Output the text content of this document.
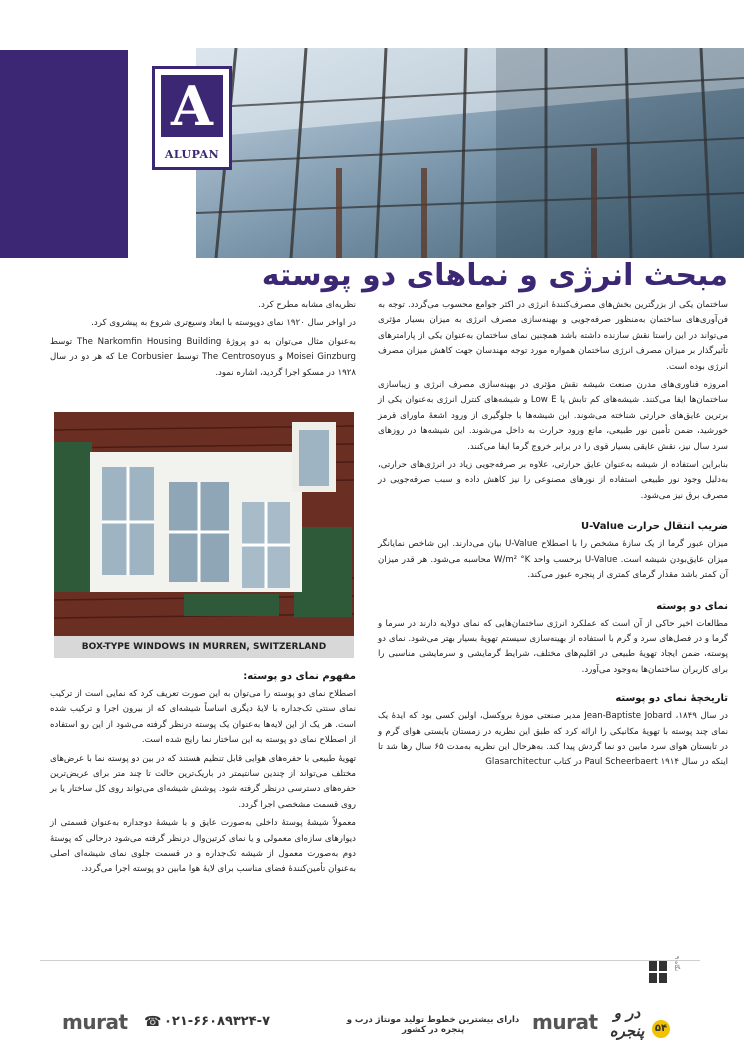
A
ALUPAN
مبحث انرژی و نماهای دو پوسته

ساختمان یکی از بزرگترین بخش‌های مصرف‌کنندهٔ انرژی در اکثر جوامع محسوب می‌گردد. توجه به فن‌آوری‌های ساختمان به‌منظور صرفه‌جویی و بهینه‌سازی مصرف انرژی به میزان بسیار مؤثری می‌تواند در این راستا نقش سازنده داشته باشد همچنین نمای ساختمان به‌عنوان یکی از پارامترهای تأثیرگذار بر میزان مصرف انرژی ساختمان همواره مورد توجه مهندسان جهت کاهش میزان مصرف انرژی بوده است.

امروزه فناوری‌های مدرن صنعت شیشه نقش مؤثری در بهینه‌سازی مصرف انرژی و زیباسازی ساختمان‌ها ایفا می‌کنند. شیشه‌های کم تابش یا Low E و شیشه‌های کنترل انرژی به‌عنوان یکی از برترین عایق‌های حرارتی شناخته می‌شوند. این شیشه‌ها با جلوگیری از ورود اشعهٔ ماورای قرمز خورشید، ضمن تأمین نور طبیعی، مانع ورود حرارت به داخل می‌شوند. این شیشه‌ها در روزهای سرد سال نیز، نقش عایقی بسیار قوی را در برابر خروج گرما ایفا می‌کنند.

بنابراین استفاده از شیشه به‌عنوان عایق حرارتی، علاوه بر صرفه‌جویی زیاد در انرژی‌های حرارتی، به‌دلیل وجود نور طبیعی استفاده از نورهای مصنوعی را نیز کاهش داده و سبب صرفه‌جویی در مصرف برق نیز می‌شود.

ضریب انتقال حرارت U-Value

میزان عبور گرما از یک سازهٔ مشخص را با اصطلاح U-Value بیان می‌دارند. این شاخص نمایانگر میزان عایق‌بودن شیشه است. U-Value برحسب واحد W/m² °K محاسبه می‌شود. هر قدر میزان آن کمتر باشد مقدار گرمای کمتری از پنجره عبور می‌کند.

نمای دو پوسته

مطالعات اخیر حاکی از آن است که عملکرد انرژی ساختمان‌هایی که نمای دولایه دارند در سرما و گرما و در فصل‌های سرد و گرم با استفاده از بهینه‌سازی سیستم تهویهٔ بسیار بهتر می‌شود. نمای دو پوسته، ضمن ایجاد تهویهٔ طبیعی در اقلیم‌های مختلف، شرایط گرمایشی و سرمایشی مناسبی را برای کاربران ساختمان‌ها به‌وجود می‌آورد.

تاریخچهٔ نمای دو پوسته

در سال ۱۸۴۹، Jean-Baptiste Jobard مدیر صنعتی موزهٔ بروکسل، اولین کسی بود که ایدهٔ یک نمای چند پوسته با تهویهٔ مکانیکی را ارائه کرد که طبق این نظریه در زمستان بایستی هوای گرم و در تابستان هوای سرد مابین دو نما گردش پیدا کند. به‌هرحال این نظریه به‌مدت ۶۵ سال رها شد تا اینکه در سال ۱۹۱۴ Paul Scheerbaert در کتاب Glasarchitectur

نظریه‌ای مشابه مطرح کرد.

در اواخر سال ۱۹۲۰ نمای دوپوسته با ابعاد وسیع‌تری شروع به پیشروی کرد.

به‌عنوان مثال می‌توان به دو پروژهٔ The Narkomfin Housing Building توسط Moisei Ginzburg و The Centrosoyus توسط Le Corbusier که هر دو در سال ۱۹۲۸ در مسکو اجرا گردید، اشاره نمود.

BOX-TYPE WINDOWS IN MURREN, SWITZERLAND
مفهوم نمای دو پوسته:

اصطلاح نمای دو پوسته را می‌توان به این صورت تعریف کرد که نمایی است از ترکیب نمای سنتی تک‌جداره با لایهٔ دیگری اساساً شیشه‌ای که از بیرون اجرا و ترکیب شده است. هر یک از این لایه‌ها به‌عنوان یک پوسته درنظر گرفته می‌شود از این رو استفاده از اصطلاح نمای دو پوسته به این ساختار نما رایج شده است.

تهویهٔ طبیعی با حفره‌های هوایی قابل تنظیم هستند که در بین دو پوسته نما با عرض‌های مختلف می‌تواند از چندین سانتیمتر در باریک‌ترین حالت تا چند متر برای عریض‌ترین حفره‌های دسترسی درنظر گرفته شود. پوشش شیشه‌ای می‌تواند روی کل ساختار یا بر روی قسمت مشخصی اجرا گردد.

معمولاً شیشهٔ پوستهٔ داخلی به‌صورت عایق و با شیشهٔ دوجداره به‌عنوان قسمتی از دیوارهای سازه‌ای معمولی و یا نمای کرتین‌وال درنظر گرفته می‌شود درحالی که پوستهٔ دوم به‌صورت معمول از شیشه تک‌جداره و در قسمت جلوی نمای شیشه‌ای اصلی به‌عنوان تأمین‌کنندهٔ فضای مناسب برای لایهٔ هوا مابین دو پوسته اجرا می‌گردد.

murat ☎ ۰۲۱-۶۶۰۸۹۳۲۴-۷	دارای بیشترین خطوط تولید مونتاژ درب و پنجره در کشور	murat	در و پنجره
نگاه ۹
۵۴
